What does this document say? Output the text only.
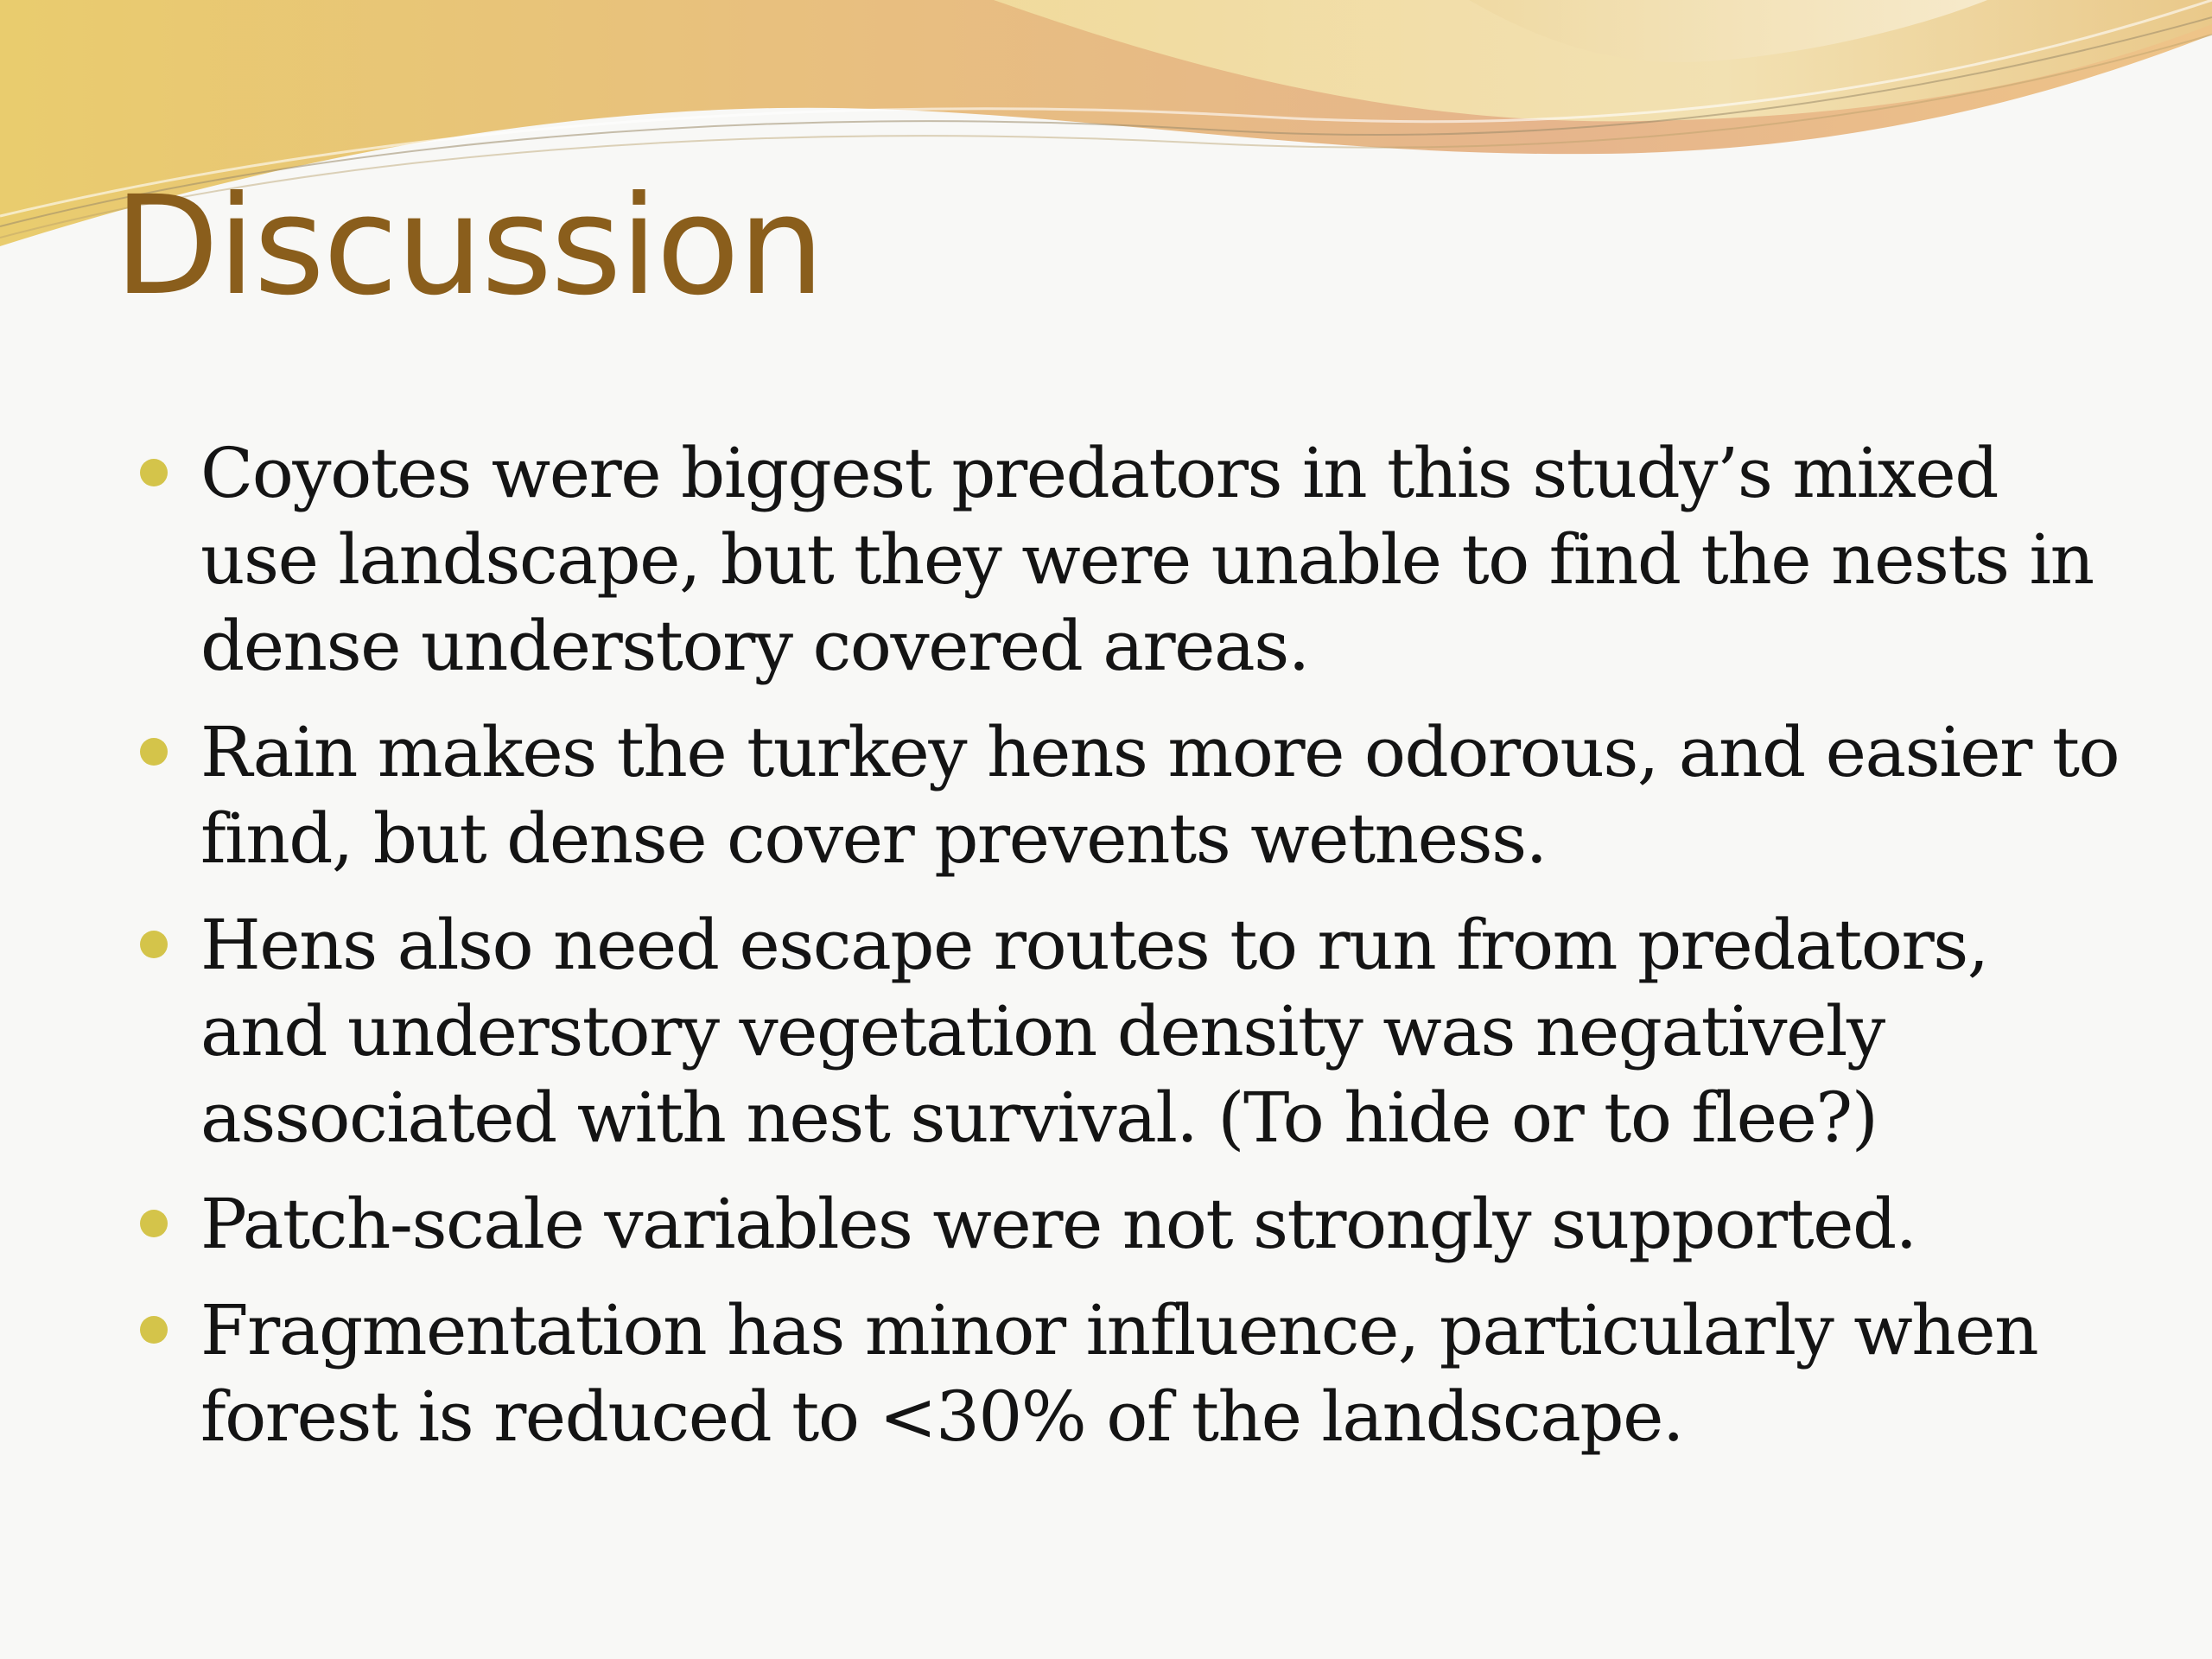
Discussion
Coyotes were biggest predators in this study’s mixed use landscape, but they were unable to find the nests in dense understory covered areas.
Rain makes the turkey hens more odorous, and easier to find, but dense cover prevents wetness.
Hens also need escape routes to run from predators, and understory vegetation density was negatively associated with nest survival. (To hide or to flee?)
Patch-scale variables were not strongly supported.
Fragmentation has minor influence, particularly when forest is reduced to <30% of the landscape.
